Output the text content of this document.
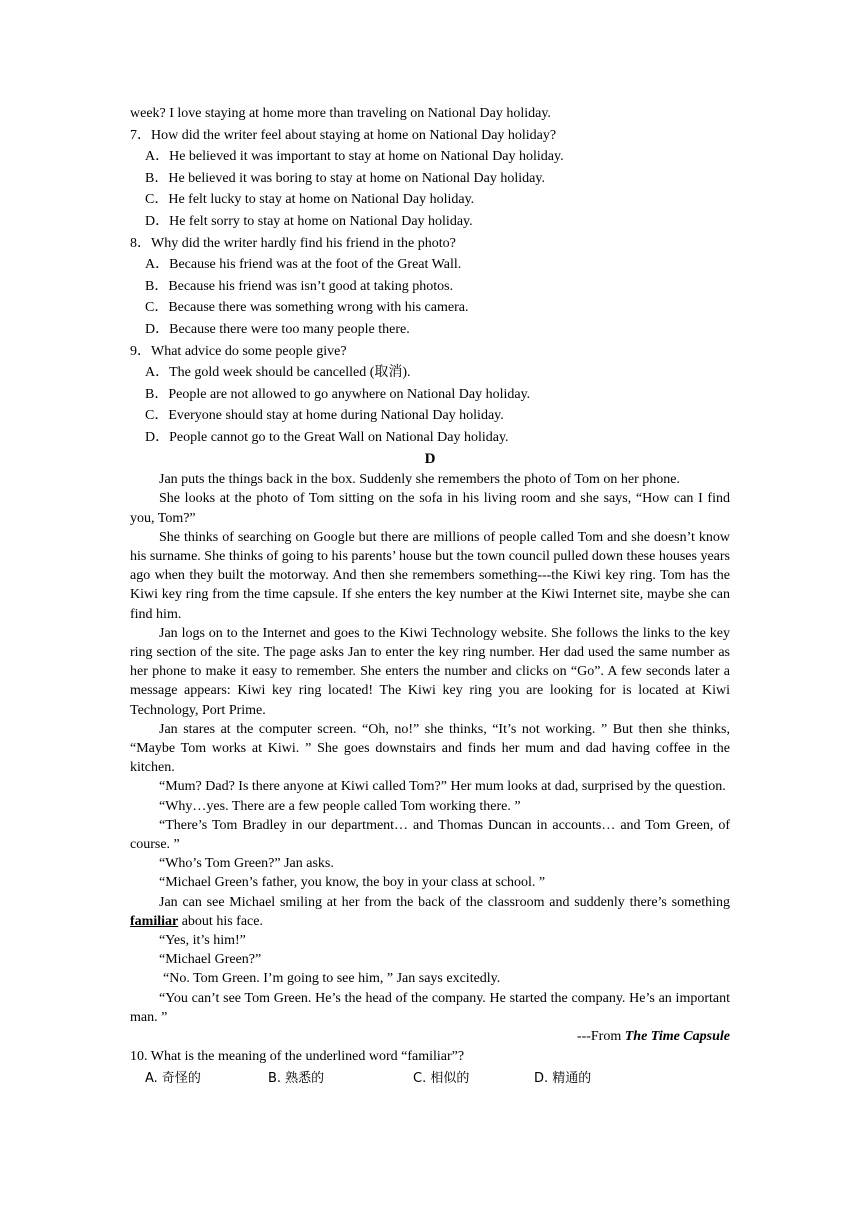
week? I love staying at home more than traveling on National Day holiday.

7．How did the writer feel about staying at home on National Day holiday?

A．He believed it was important to stay at home on National Day holiday.

B．He believed it was boring to stay at home on National Day holiday.

C．He felt lucky to stay at home on National Day holiday.

D．He felt sorry to stay at home on National Day holiday.

8．Why did the writer hardly find his friend in the photo?

A．Because his friend was at the foot of the Great Wall.

B．Because his friend was isn’t good at taking photos.

C．Because there was something wrong with his camera.

D．Because there were too many people there.

9．What advice do some people give?

A．The gold week should be cancelled (取消).

B．People are not allowed to go anywhere on National Day holiday.

C．Everyone should stay at home during National Day holiday.

D．People cannot go to the Great Wall on National Day holiday.

D

Jan puts the things back in the box. Suddenly she remembers the photo of Tom on her phone.

She looks at the photo of Tom sitting on the sofa in his living room and she says, “How can I find you, Tom?”

She thinks of searching on Google but there are millions of people called Tom and she doesn’t know his surname. She thinks of going to his parents’ house but the town council pulled down these houses years ago when they built the motorway. And then she remembers something---the Kiwi key ring. Tom has the Kiwi key ring from the time capsule. If she enters the key number at the Kiwi Internet site, maybe she can find him.

Jan logs on to the Internet and goes to the Kiwi Technology website. She follows the links to the key ring section of the site. The page asks Jan to enter the key ring number. Her dad used the same number as her phone to make it easy to remember. She enters the number and clicks on “Go”. A few seconds later a message appears: Kiwi key ring located! The Kiwi key ring you are looking for is located at Kiwi Technology, Port Prime.

Jan stares at the computer screen. “Oh, no!” she thinks, “It’s not working. ” But then she thinks, “Maybe Tom works at Kiwi. ” She goes downstairs and finds her mum and dad having coffee in the kitchen.

“Mum? Dad? Is there anyone at Kiwi called Tom?” Her mum looks at dad, surprised by the question.

“Why…yes. There are a few people called Tom working there. ”

“There’s Tom Bradley in our department… and Thomas Duncan in accounts… and Tom Green, of course. ”

“Who’s Tom Green?” Jan asks.

“Michael Green’s father, you know, the boy in your class at school. ”

Jan can see Michael smiling at her from the back of the classroom and suddenly there’s something familiar about his face.

“Yes, it’s him!”

“Michael Green?”

“No. Tom Green. I’m going to see him, ” Jan says excitedly.

“You can’t see Tom Green. He’s the head of the company. He started the company. He’s an important man. ”

---From The Time Capsule

10. What is the meaning of the underlined word “familiar”?

A. 奇怪的	B. 熟悉的	C. 相似的	D. 精通的
